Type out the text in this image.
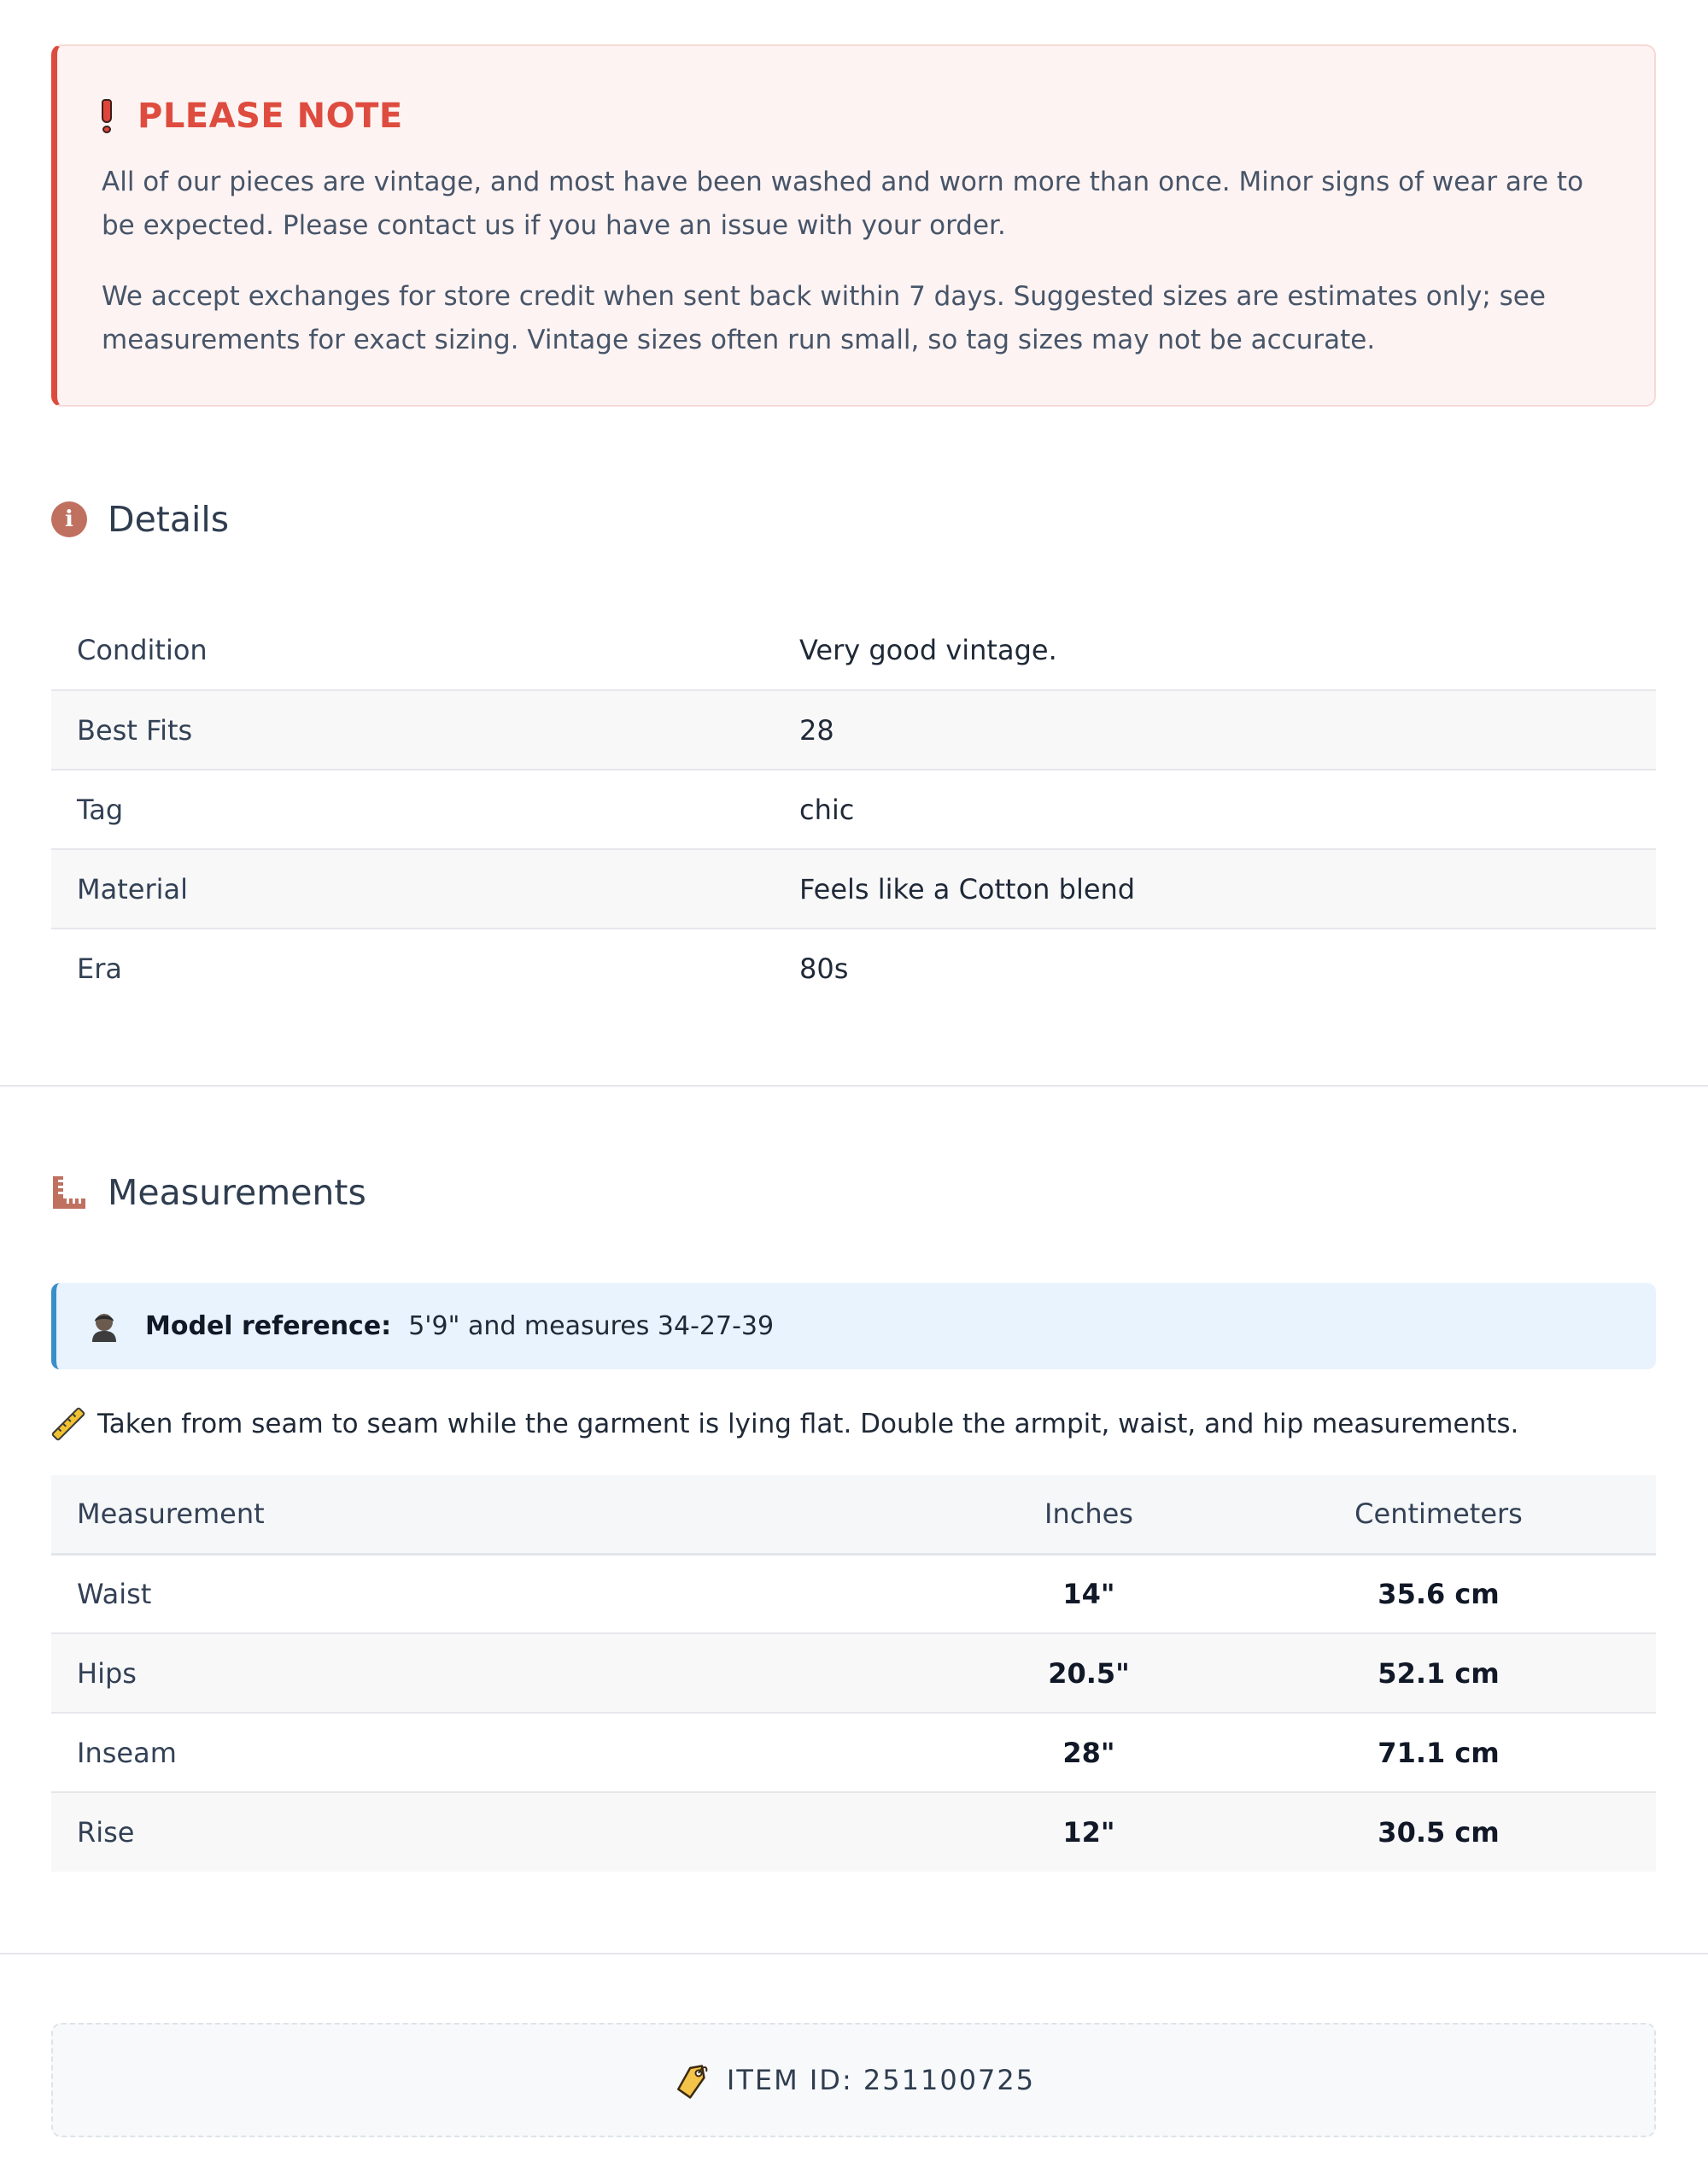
PLEASE NOTE

All of our pieces are vintage, and most have been washed and worn more than once. Minor signs of wear are to be expected. Please contact us if you have an issue with your order.

We accept exchanges for store credit when sent back within 7 days. Suggested sizes are estimates only; see measurements for exact sizing. Vintage sizes often run small, so tag sizes may not be accurate.

i Details
Condition	Very good vintage.
Best Fits	28
Tag	chic
Material	Feels like a Cotton blend
Era	80s
Measurements
Model reference: 5'9" and measures 34-27-39
Taken from seam to seam while the garment is lying flat. Double the armpit, waist, and hip measurements.
Measurement	Inches	Centimeters
Waist	14"	35.6 cm
Hips	20.5"	52.1 cm
Inseam	28"	71.1 cm
Rise	12"	30.5 cm
ITEM ID: 251100725
